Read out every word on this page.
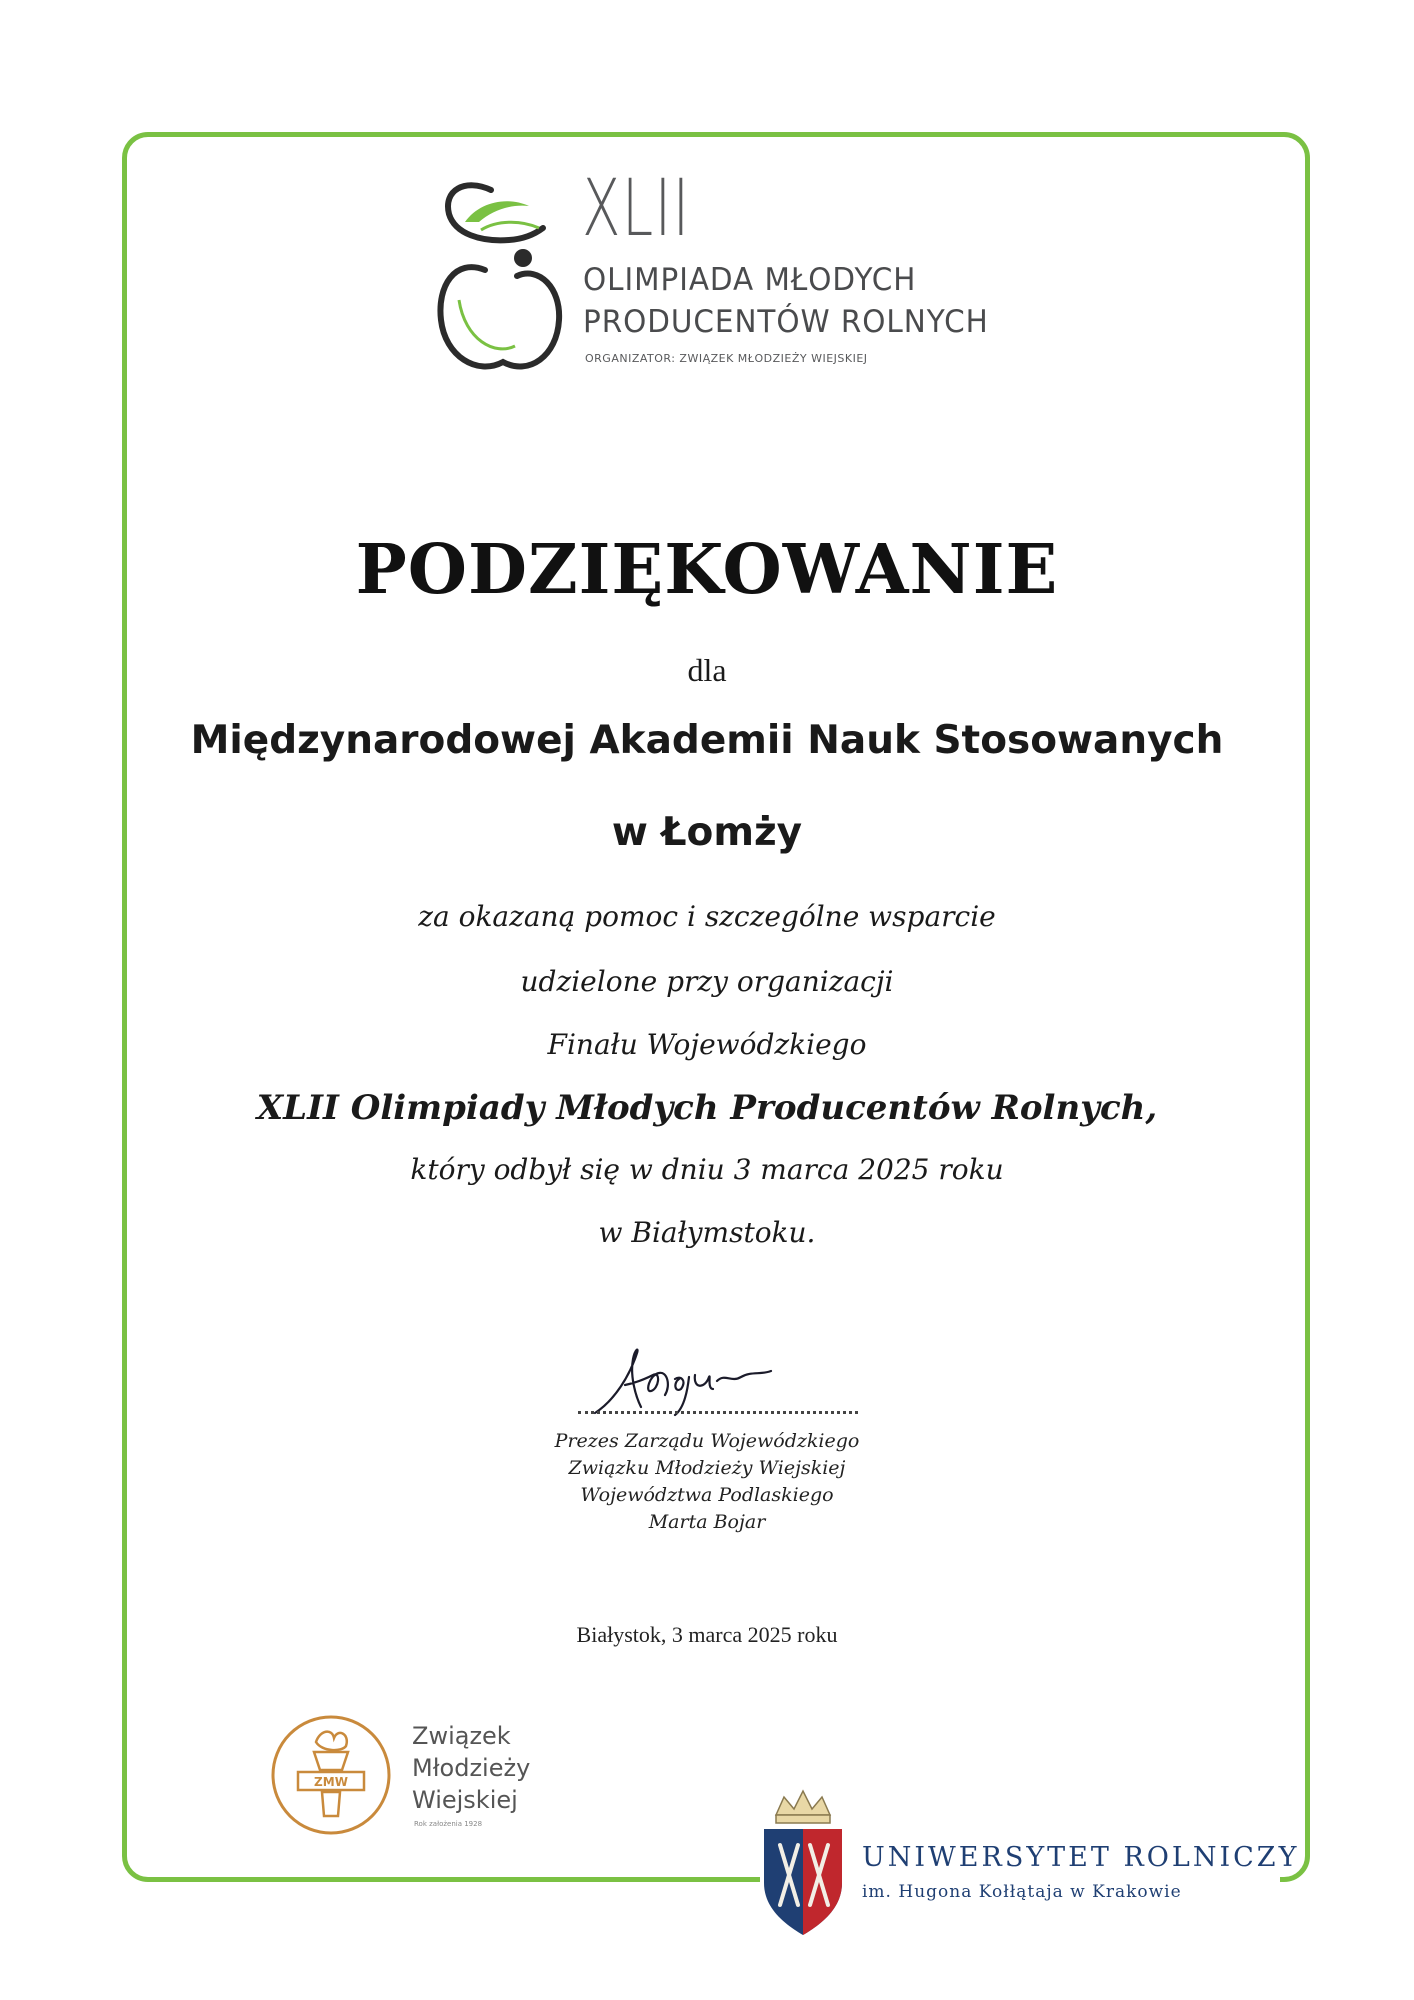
XLII
OLIMPIADA MŁODYCH
PRODUCENTÓW ROLNYCH
ORGANIZATOR: ZWIĄZEK MŁODZIEŻY WIEJSKIEJ
PODZIĘKOWANIE
dla
Międzynarodowej Akademii Nauk Stosowanych
w Łomży
za okazaną pomoc i szczególne wsparcie
udzielone przy organizacji
Finału Wojewódzkiego
XLII Olimpiady Młodych Producentów Rolnych,
który odbył się w dniu 3 marca 2025 roku
w Białymstoku.
Prezes Zarządu Wojewódzkiego
Związku Młodzieży Wiejskiej
Województwa Podlaskiego
Marta Bojar
Białystok, 3 marca 2025 roku
ZMW
Związek
Młodzieży
Wiejskiej
Rok założenia 1928
UNIWERSYTET ROLNICZY
im. Hugona Kołłątaja w Krakowie
